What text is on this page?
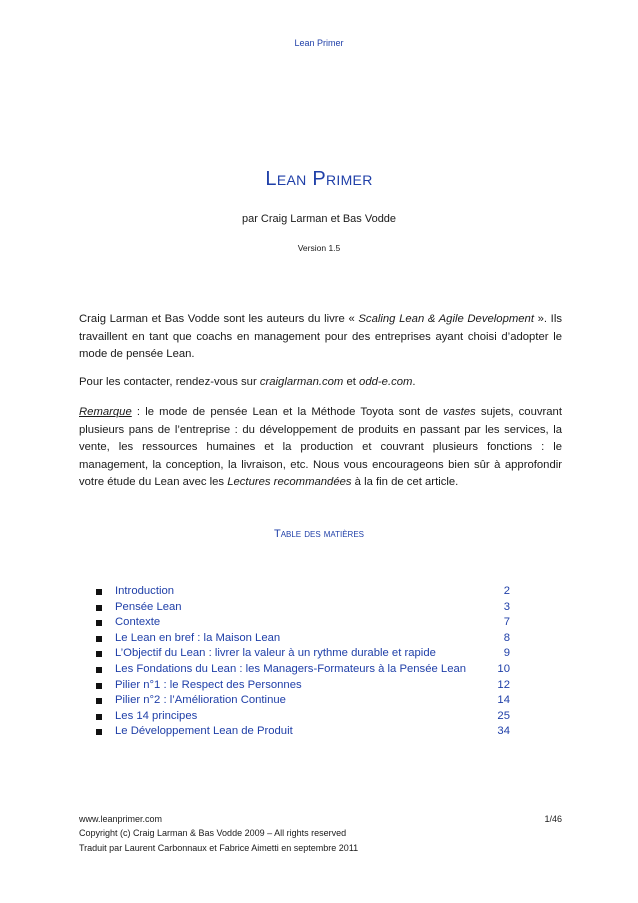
Lean Primer
Lean Primer
par Craig Larman et Bas Vodde
Version 1.5

Craig Larman et Bas Vodde sont les auteurs du livre « Scaling Lean & Agile Development ». Ils travaillent en tant que coachs en management pour des entreprises ayant choisi d’adopter le mode de pensée Lean.

Pour les contacter, rendez-vous sur craiglarman.com et odd-e.com.

Remarque : le mode de pensée Lean et la Méthode Toyota sont de vastes sujets, couvrant plusieurs pans de l’entreprise : du développement de produits en passant par les services, la vente, les ressources humaines et la production et couvrant plusieurs fonctions : le management, la conception, la livraison, etc. Nous vous encourageons bien sûr à approfondir votre étude du Lean avec les Lectures recommandées à la fin de cet article.

Table des matières
Introduction	2
Pensée Lean	3
Contexte	7
Le Lean en bref : la Maison Lean	8
L’Objectif du Lean : livrer la valeur à un rythme durable et rapide	9
Les Fondations du Lean : les Managers-Formateurs à la Pensée Lean	10
Pilier n°1 : le Respect des Personnes	12
Pilier n°2 : l’Amélioration Continue	14
Les 14 principes	25
Le Développement Lean de Produit	34
www.leanprimer.com	1/46
Copyright (c) Craig Larman & Bas Vodde 2009 – All rights reserved
Traduit par Laurent Carbonnaux et Fabrice Aimetti en septembre 2011
